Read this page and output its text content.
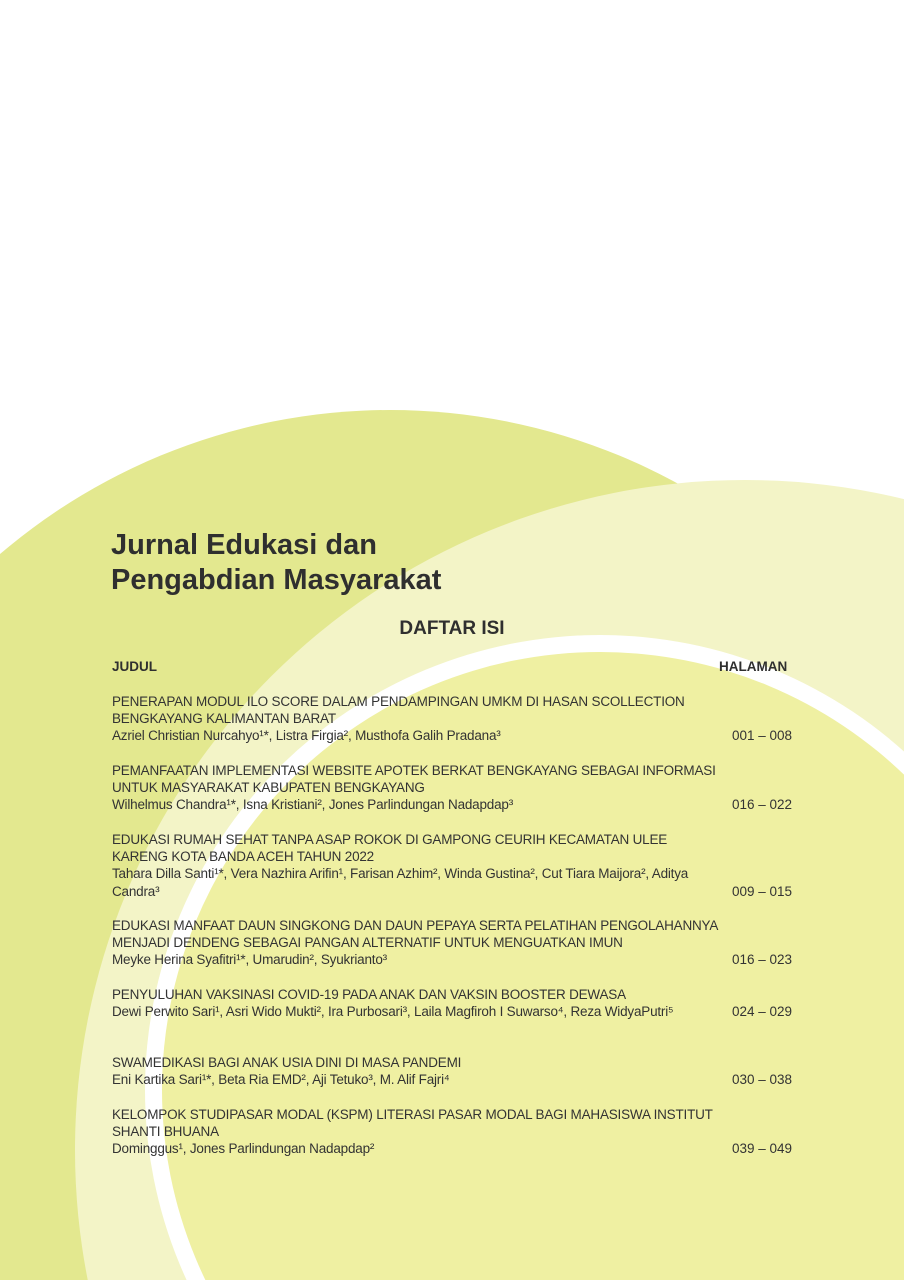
Jurnal Edukasi dan
Pengabdian Masyarakat
DAFTAR ISI
JUDUL	HALAMAN

PENERAPAN MODUL ILO SCORE DALAM PENDAMPINGAN UMKM DI HASAN SCOLLECTION BENGKAYANG KALIMANTAN BARAT

Azriel Christian Nurcahyo¹*, Listra Firgia², Musthofa Galih Pradana³	001 – 008

PEMANFAATAN IMPLEMENTASI WEBSITE APOTEK BERKAT BENGKAYANG SEBAGAI INFORMASI UNTUK MASYARAKAT KABUPATEN BENGKAYANG

Wilhelmus Chandra¹*, Isna Kristiani², Jones Parlindungan Nadapdap³	016 – 022

EDUKASI RUMAH SEHAT TANPA ASAP ROKOK DI GAMPONG CEURIH KECAMATAN ULEE KARENG KOTA BANDA ACEH TAHUN 2022

Tahara Dilla Santi¹*, Vera Nazhira Arifin¹, Farisan Azhim², Winda Gustina², Cut Tiara Maijora², Aditya Candra³	009 – 015

EDUKASI MANFAAT DAUN SINGKONG DAN DAUN PEPAYA SERTA PELATIHAN PENGOLAHANNYA MENJADI DENDENG SEBAGAI PANGAN ALTERNATIF UNTUK MENGUATKAN IMUN

Meyke Herina Syafitri¹*, Umarudin², Syukrianto³	016 – 023

PENYULUHAN VAKSINASI COVID-19 PADA ANAK DAN VAKSIN BOOSTER DEWASA

Dewi Perwito Sari¹, Asri Wido Mukti², Ira Purbosari³, Laila Magfiroh I Suwarso⁴, Reza WidyaPutri⁵	024 – 029

SWAMEDIKASI BAGI ANAK USIA DINI DI MASA PANDEMI

Eni Kartika Sari¹*, Beta Ria EMD², Aji Tetuko³, M. Alif Fajri⁴	030 – 038

KELOMPOK STUDIPASAR MODAL (KSPM) LITERASI PASAR MODAL BAGI MAHASISWA INSTITUT SHANTI BHUANA

Dominggus¹, Jones Parlindungan Nadapdap²	039 – 049
